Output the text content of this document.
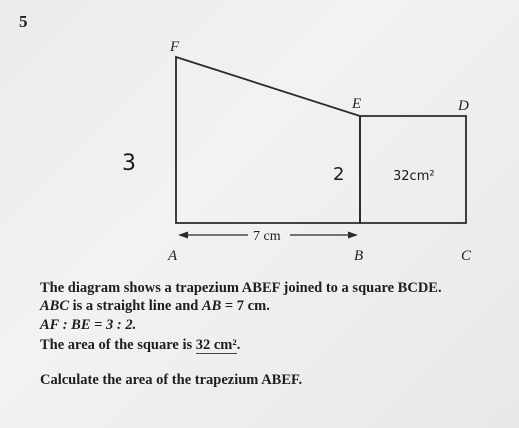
5
7 cm
F
E	D
A	B	C
3	2	32cm²
The diagram shows a trapezium ABEF joined to a square BCDE.
ABC is a straight line and AB = 7 cm.
AF : BE = 3 : 2.
The area of the square is 32 cm².
Calculate the area of the trapezium ABEF.
